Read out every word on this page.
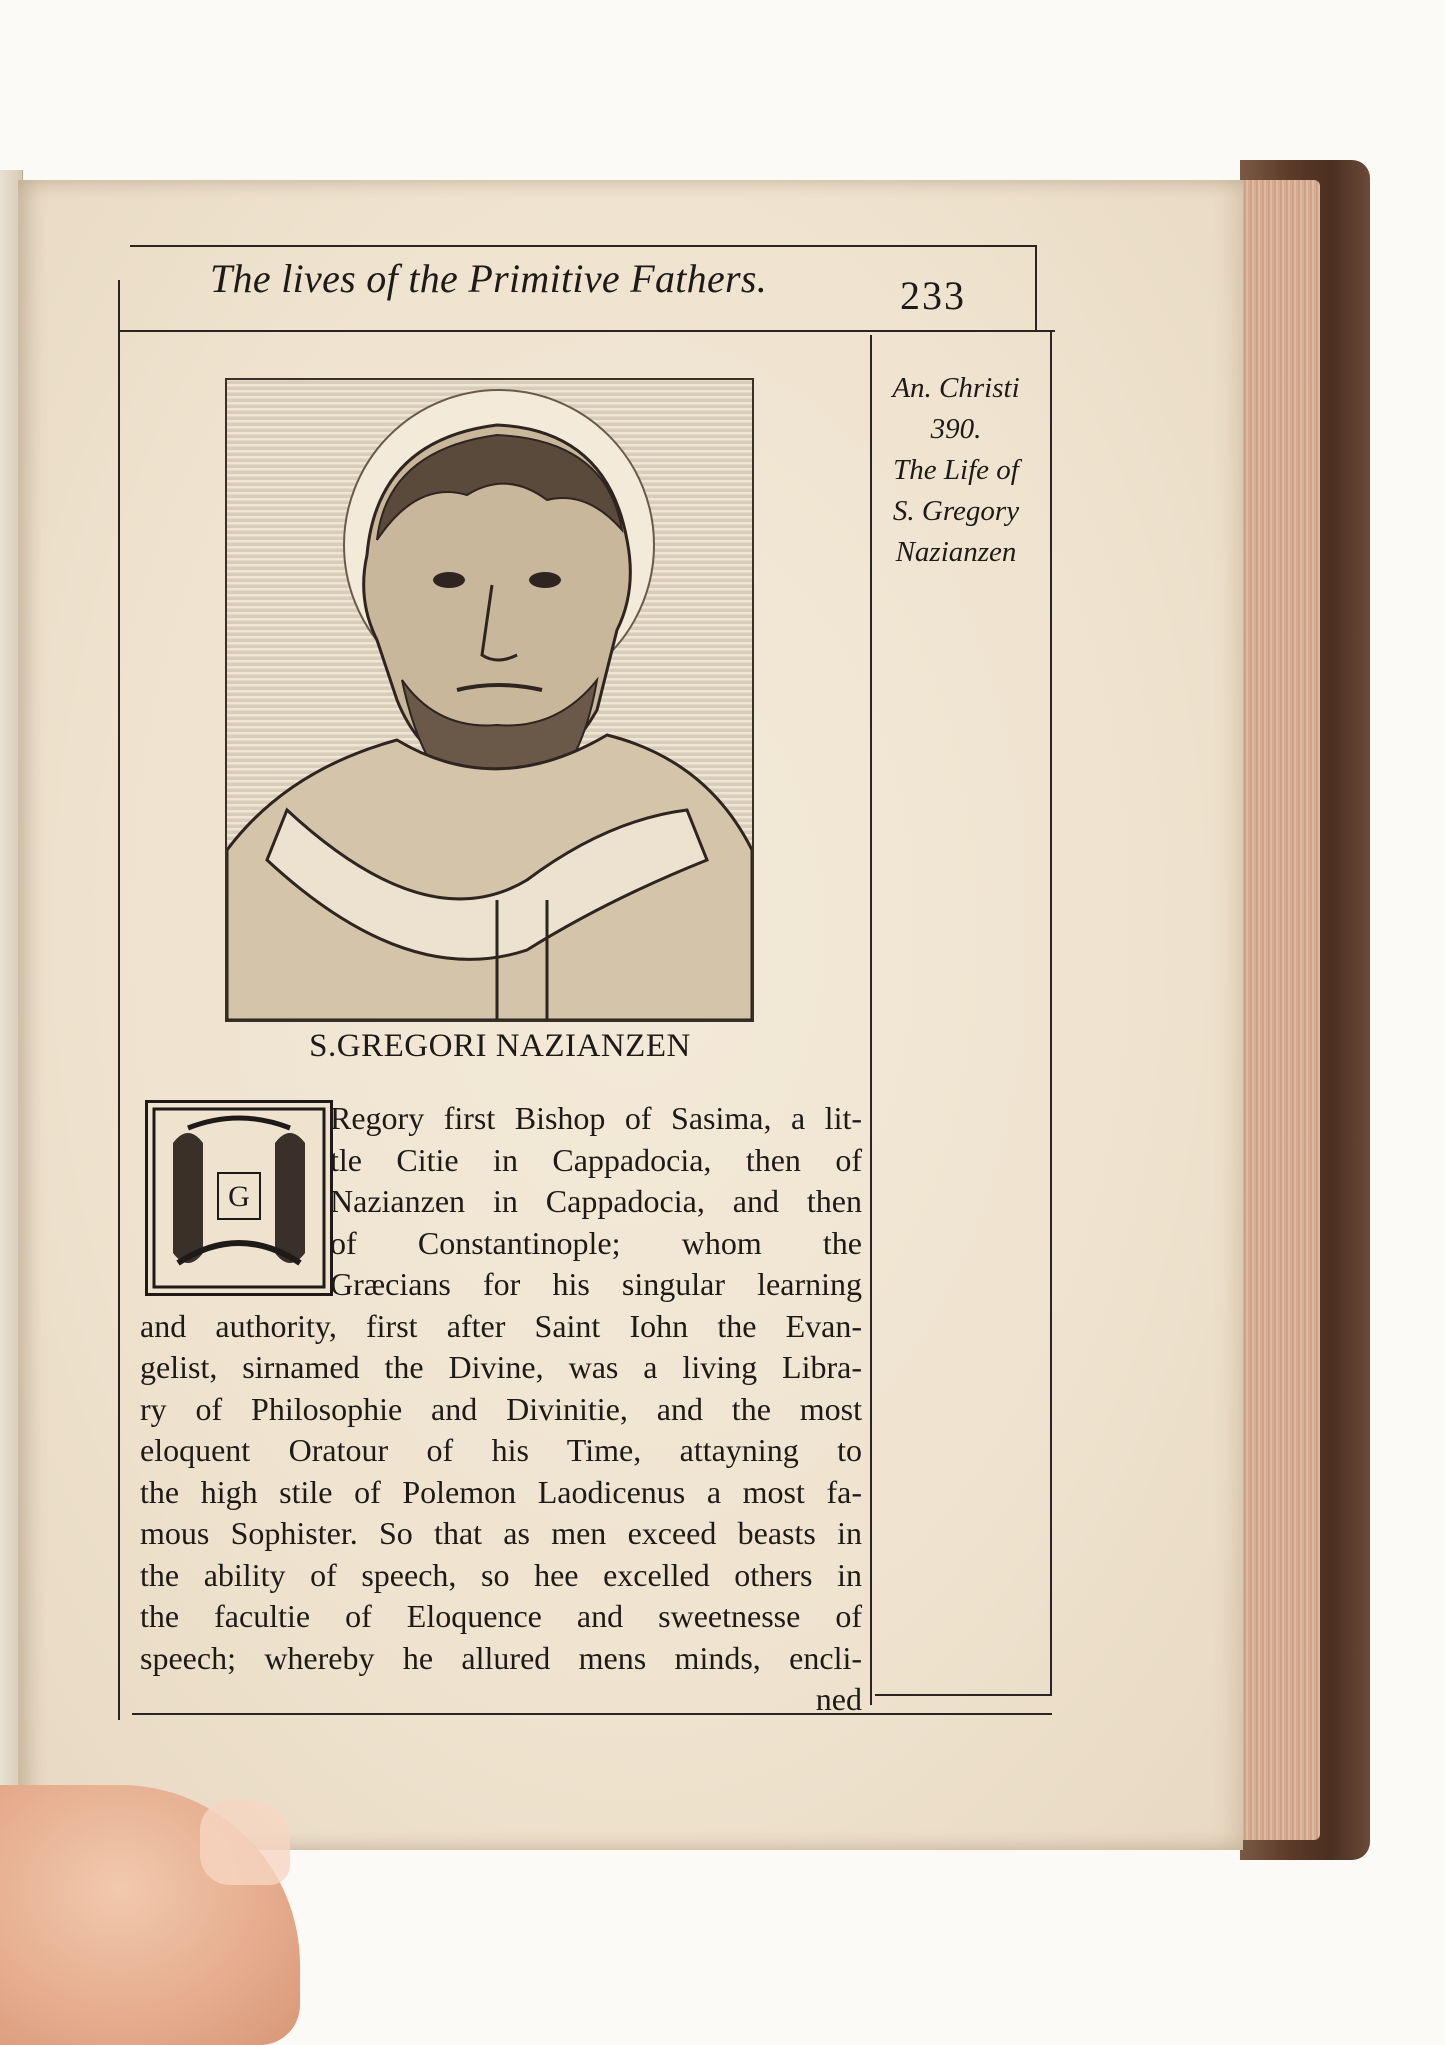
The lives of the Primitive Fathers.	233
An. Christi
390.
The Life of
S. Gregory
Nazianzen
S.GREGORI NAZIANZEN
G
Regory first Bishop of Sasima, a lit-
tle Citie in Cappadocia, then of
Nazianzen in Cappadocia, and then
of Constantinople; whom the
Græcians for his singular learning
and authority, first after Saint Iohn the Evan-
gelist, sirnamed the Divine, was a living Libra-
ry of Philosophie and Divinitie, and the most
eloquent Oratour of his Time, attayning to
the high stile of Polemon Laodicenus a most fa-
mous Sophister. So that as men exceed beasts in
the ability of speech, so hee excelled others in
the facultie of Eloquence and sweetnesse of
speech; whereby he allured mens minds, encli-
ned
